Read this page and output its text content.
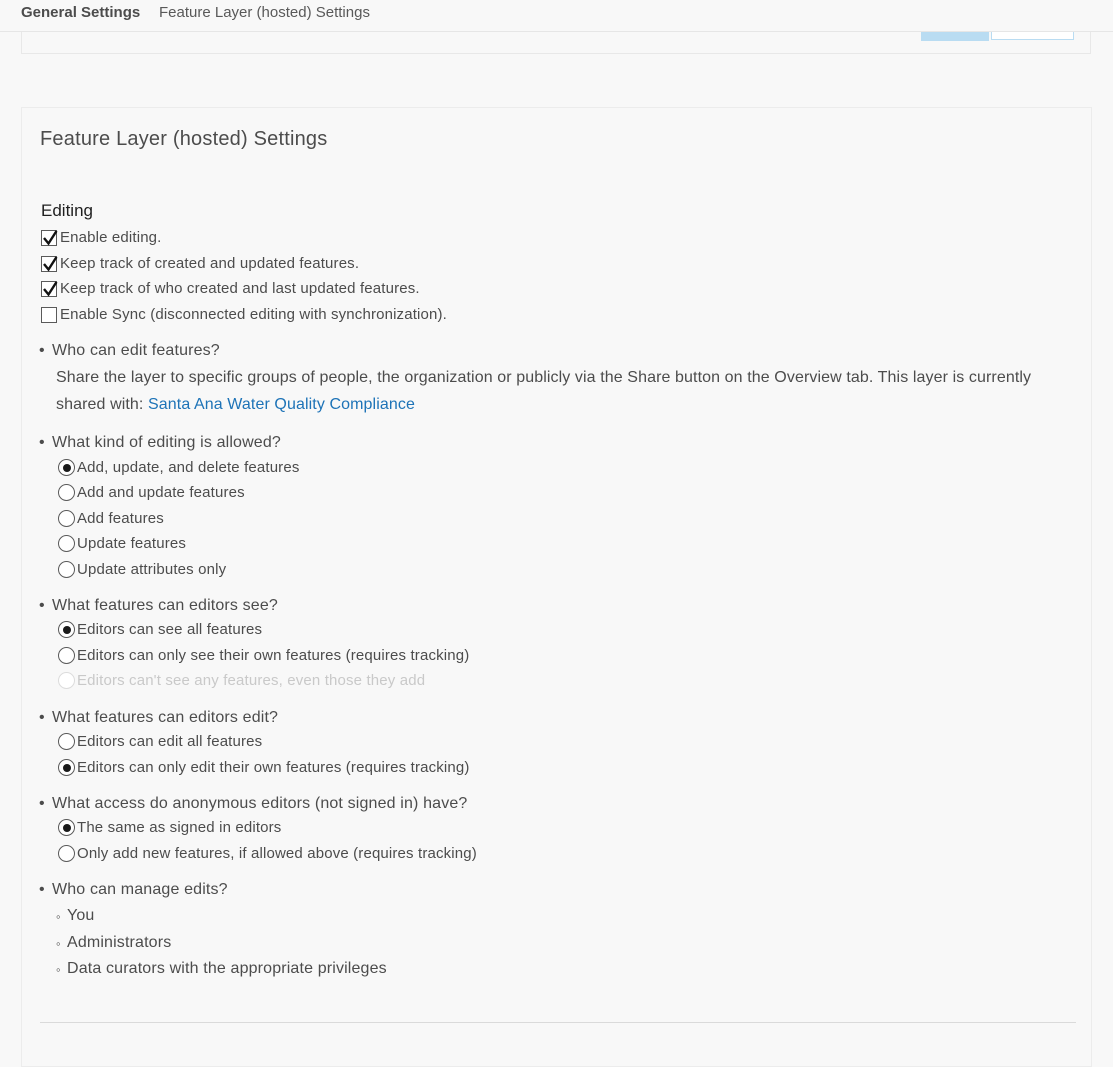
General Settings Feature Layer (hosted) Settings
Feature Layer (hosted) Settings
Editing
Enable editing.
Keep track of created and updated features.
Keep track of who created and last updated features.
Enable Sync (disconnected editing with synchronization).
• Who can edit features?
Share the layer to specific groups of people, the organization or publicly via the Share button on the Overview tab. This layer is currently shared with: Santa Ana Water Quality Compliance
• What kind of editing is allowed?
Add, update, and delete features
Add and update features
Add features
Update features
Update attributes only
• What features can editors see?
Editors can see all features
Editors can only see their own features (requires tracking)
Editors can't see any features, even those they add
• What features can editors edit?
Editors can edit all features
Editors can only edit their own features (requires tracking)
• What access do anonymous editors (not signed in) have?
The same as signed in editors
Only add new features, if allowed above (requires tracking)
• Who can manage edits?
◦ You
◦ Administrators
◦ Data curators with the appropriate privileges
